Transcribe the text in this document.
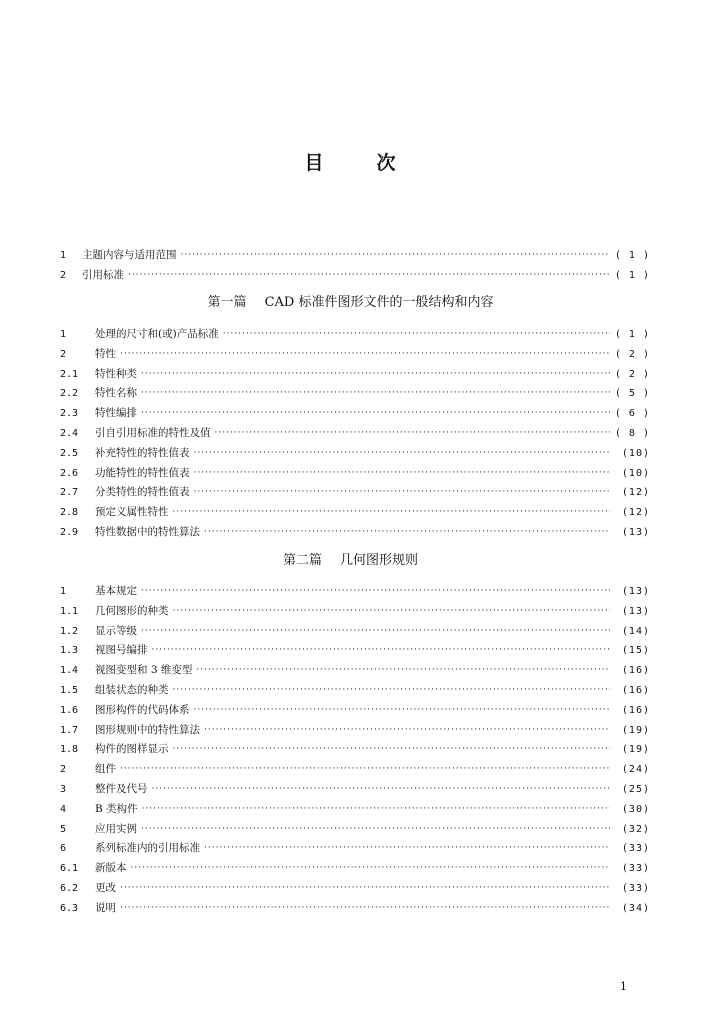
目	次
1	主题内容与适用范围 ·····	( 1 )
2	引用标准 ·····	( 1 )
第一篇 CAD 标准件图形文件的一般结构和内容
1	处理的尺寸和(或)产品标准 ·····	( 1 )
2	特性 ·····	( 2 )
2.1	特性种类 ·····	( 2 )
2.2	特性名称 ·····	( 5 )
2.3	特性编排 ·····	( 6 )
2.4	引自引用标准的特性及值 ·····	( 8 )
2.5	补充特性的特性值表 ·····	(10)
2.6	功能特性的特性值表 ·····	(10)
2.7	分类特性的特性值表 ·····	(12)
2.8	预定义属性特性 ·····	(12)
2.9	特性数据中的特性算法 ·····	(13)
第二篇 几何图形规则
1	基本规定 ·····	(13)
1.1	几何图形的种类 ·····	(13)
1.2	显示等级 ·····	(14)
1.3	视图号编排 ·····	(15)
1.4	视图变型和 3 维变型 ·····	(16)
1.5	组装状态的种类 ·····	(16)
1.6	图形构件的代码体系 ·····	(16)
1.7	图形规则中的特性算法 ·····	(19)
1.8	构件的图样显示 ·····	(19)
2	组件 ·····	(24)
3	整件及代号 ·····	(25)
4	B 类构件 ·····	(30)
5	应用实例 ·····	(32)
6	系列标准内的引用标准 ·····	(33)
6.1	新版本 ·····	(33)
6.2	更改 ·····	(33)
6.3	说明 ·····	(34)
1
